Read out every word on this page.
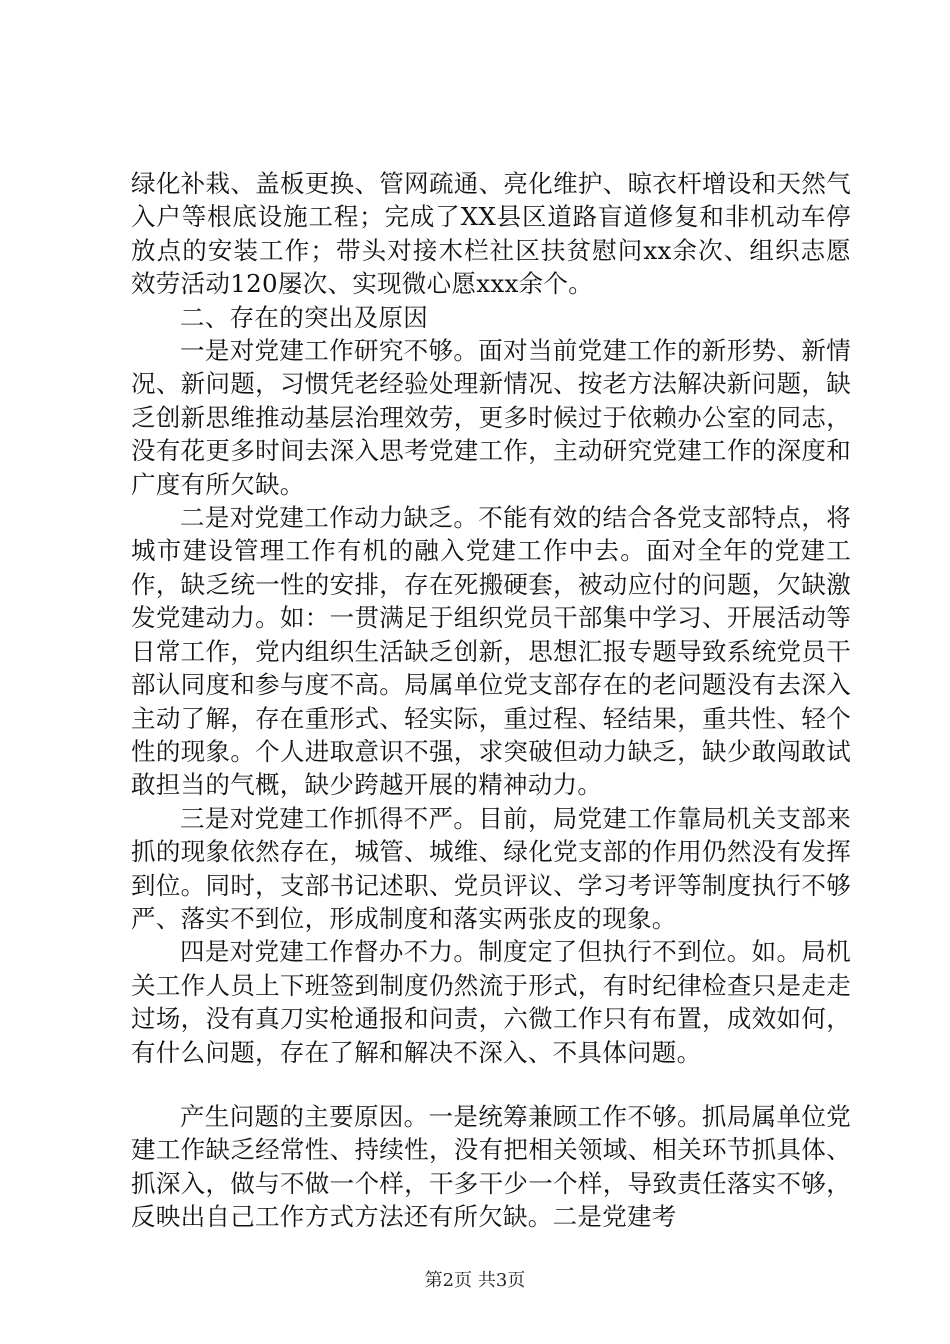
绿化补栽、盖板更换、管网疏通、亮化维护、晾衣杆增设和天然气入户等根底设施工程；完成了XX县区道路盲道修复和非机动车停放点的安装工作；带头对接木栏社区扶贫慰问xx余次、组织志愿效劳活动120屡次、实现微心愿xxx余个。

二、存在的突出及原因

一是对党建工作研究不够。面对当前党建工作的新形势、新情况、新问题，习惯凭老经验处理新情况、按老方法解决新问题，缺乏创新思维推动基层治理效劳，更多时候过于依赖办公室的同志，没有花更多时间去深入思考党建工作，主动研究党建工作的深度和广度有所欠缺。

二是对党建工作动力缺乏。不能有效的结合各党支部特点，将城市建设管理工作有机的融入党建工作中去。面对全年的党建工作，缺乏统一性的安排，存在死搬硬套，被动应付的问题，欠缺激发党建动力。如：一贯满足于组织党员干部集中学习、开展活动等日常工作，党内组织生活缺乏创新，思想汇报专题导致系统党员干部认同度和参与度不高。局属单位党支部存在的老问题没有去深入主动了解，存在重形式、轻实际，重过程、轻结果，重共性、轻个性的现象。个人进取意识不强，求突破但动力缺乏，缺少敢闯敢试敢担当的气概，缺少跨越开展的精神动力。

三是对党建工作抓得不严。目前，局党建工作靠局机关支部来抓的现象依然存在，城管、城维、绿化党支部的作用仍然没有发挥到位。同时，支部书记述职、党员评议、学习考评等制度执行不够严、落实不到位，形成制度和落实两张皮的现象。

四是对党建工作督办不力。制度定了但执行不到位。如。局机关工作人员上下班签到制度仍然流于形式，有时纪律检查只是走走过场，没有真刀实枪通报和问责，六微工作只有布置，成效如何，有什么问题，存在了解和解决不深入、不具体问题。

产生问题的主要原因。一是统筹兼顾工作不够。抓局属单位党建工作缺乏经常性、持续性，没有把相关领域、相关环节抓具体、抓深入，做与不做一个样，干多干少一个样，导致责任落实不够，反映出自己工作方式方法还有所欠缺。二是党建考

第2页 共3页
